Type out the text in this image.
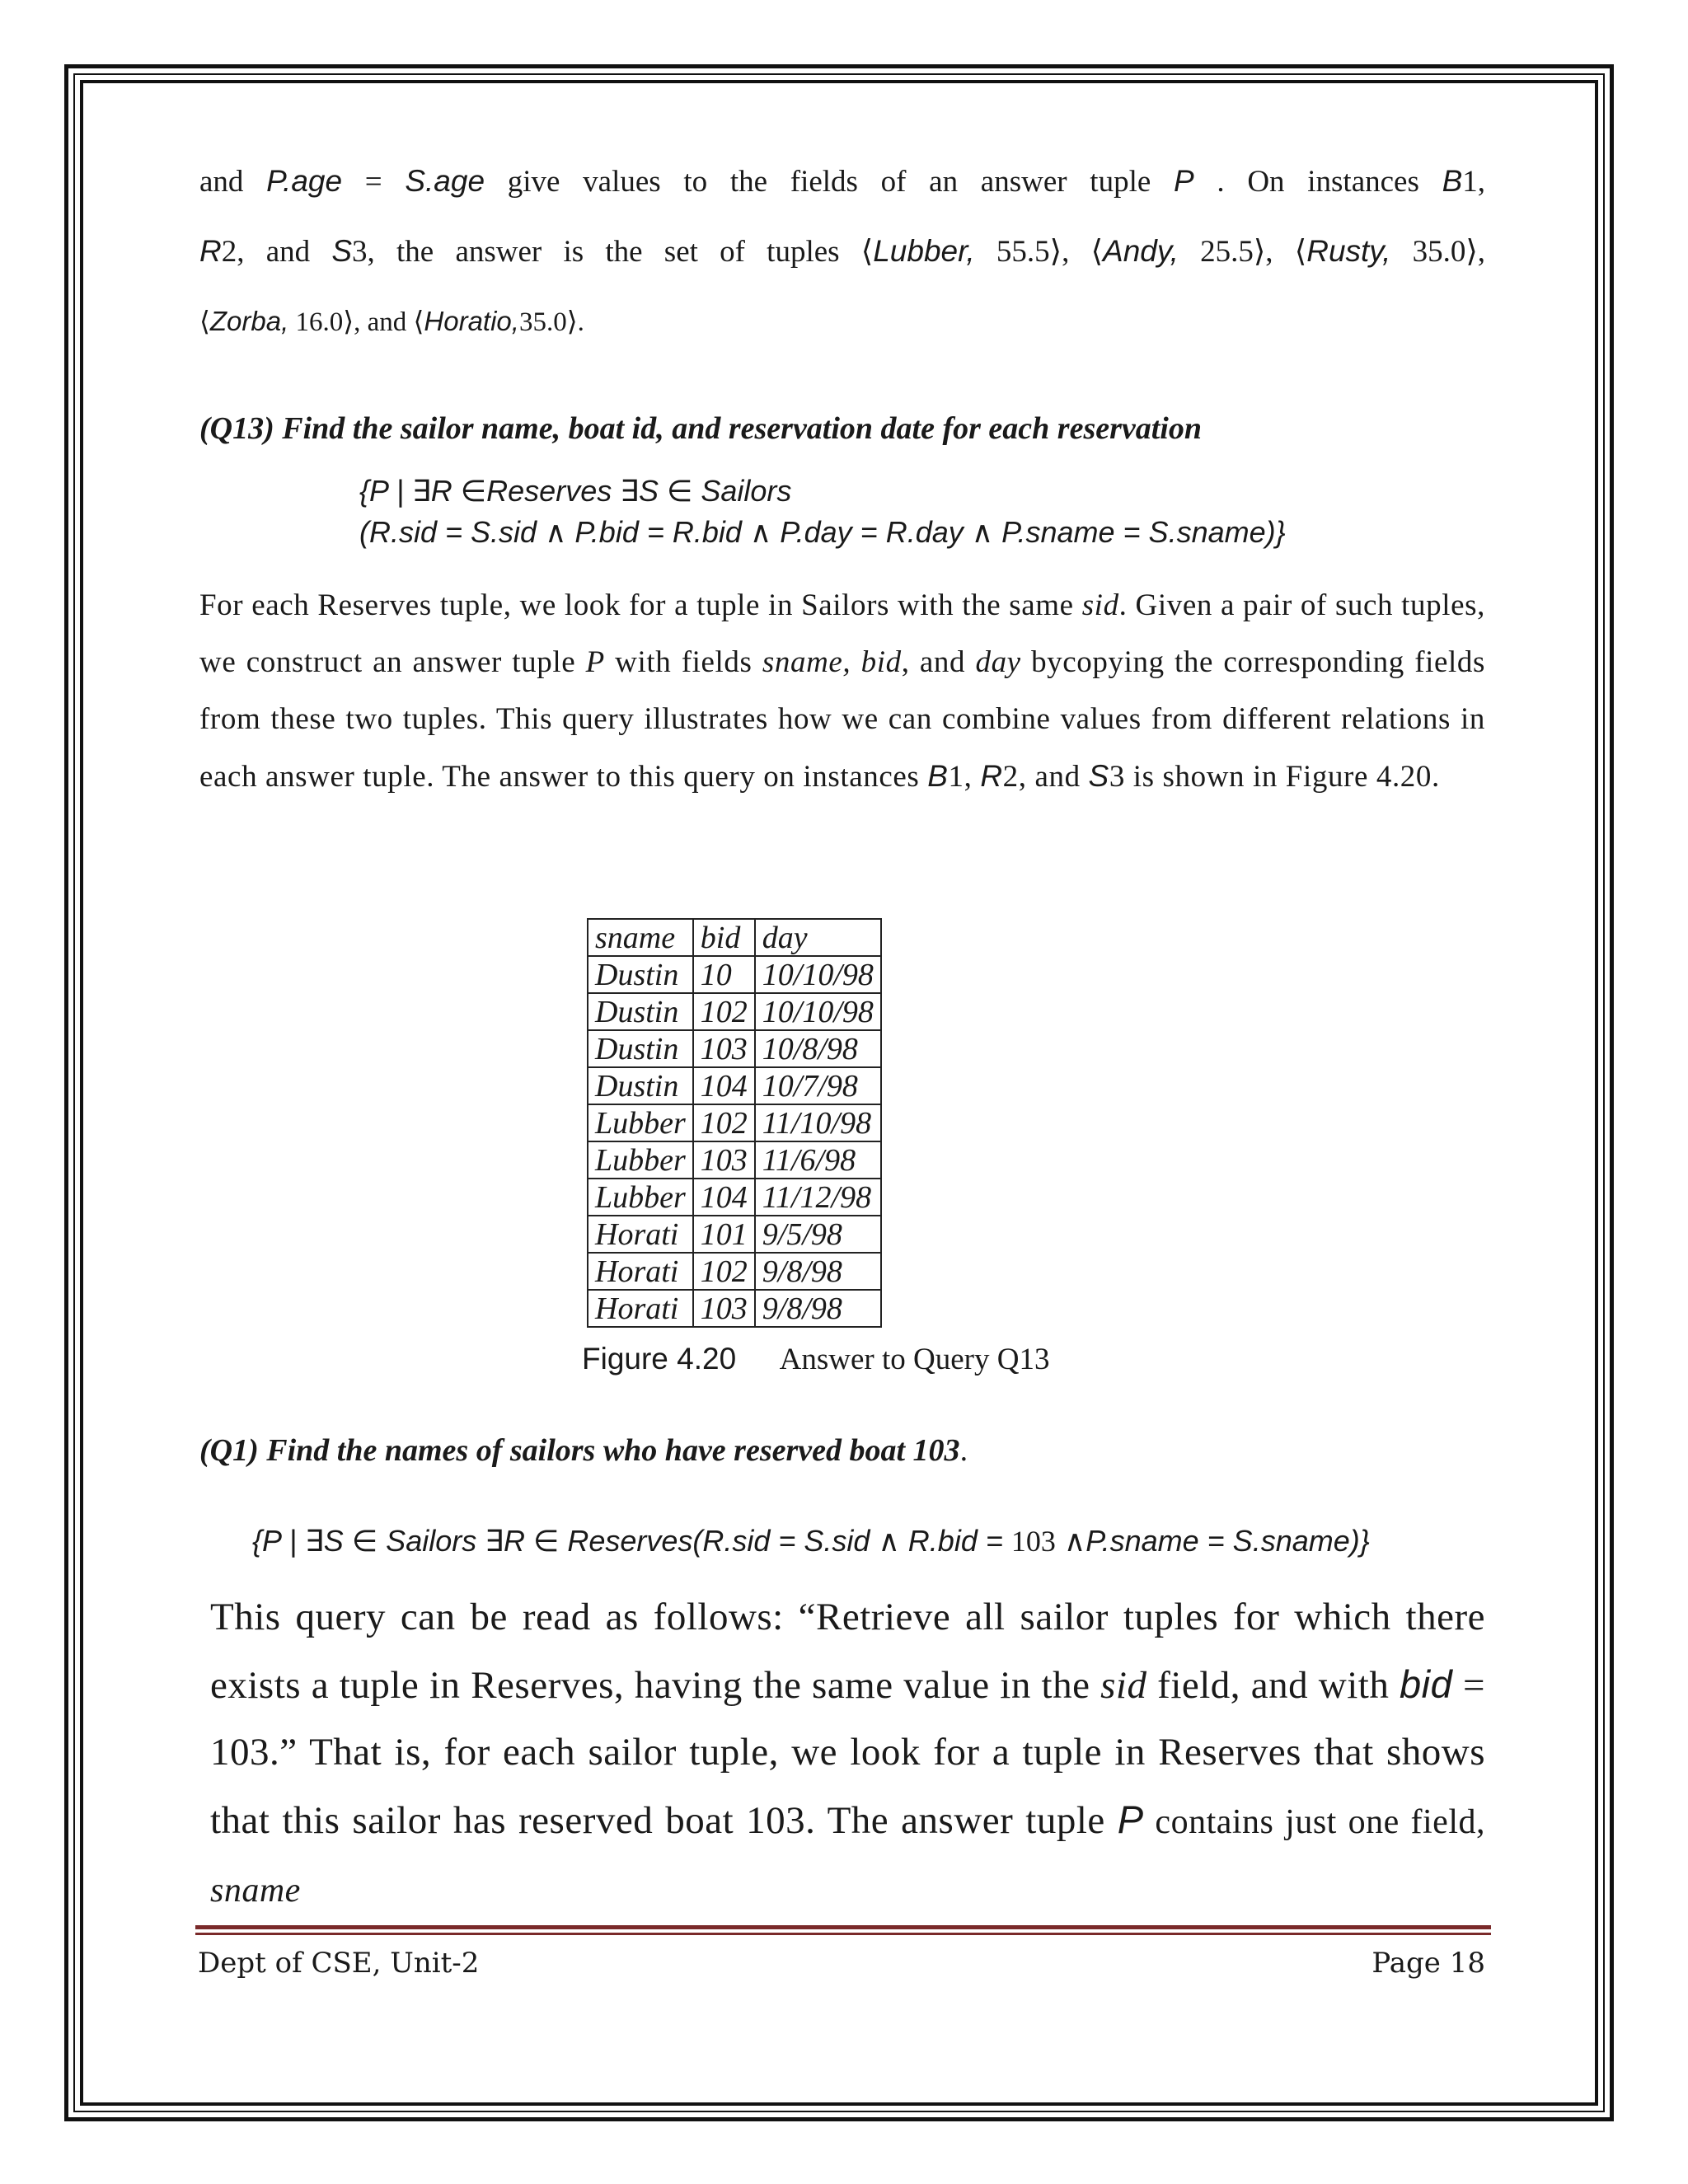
and P.age = S.age give values to the fields of an answer tuple P . On instances B1,

R2, and S3, the answer is the set of tuples ⟨Lubber, 55.5⟩, ⟨Andy, 25.5⟩, ⟨Rusty, 35.0⟩,

⟨Zorba, 16.0⟩, and ⟨Horatio,35.0⟩.

(Q13) Find the sailor name, boat id, and reservation date for each reservation

{P | ∃R ∈Reserves ∃S ∈ Sailors

(R.sid = S.sid ∧ P.bid = R.bid ∧ P.day = R.day ∧ P.sname = S.sname)}

For each Reserves tuple, we look for a tuple in Sailors with the same sid. Given a pair of such tuples, we construct an answer tuple P with fields sname, bid, and day bycopying the corresponding fields from these two tuples. This query illustrates how we can combine values from different relations in each answer tuple. The answer to this query on instances B1, R2, and S3 is shown in Figure 4.20.

sname	bid	day
Dustin	10	10/10/98
Dustin	102	10/10/98
Dustin	103	10/8/98
Dustin	104	10/7/98
Lubber	102	11/10/98
Lubber	103	11/6/98
Lubber	104	11/12/98
Horati	101	9/5/98
Horati	102	9/8/98
Horati	103	9/8/98
Figure 4.20 Answer to Query Q13

(Q1) Find the names of sailors who have reserved boat 103.

{P | ∃S ∈ Sailors ∃R ∈ Reserves(R.sid = S.sid ∧ R.bid = 103 ∧P.sname = S.sname)}

This query can be read as follows: “Retrieve all sailor tuples for which there exists a tuple in Reserves, having the same value in the sid field, and with bid = 103.” That is, for each sailor tuple, we look for a tuple in Reserves that shows that this sailor has reserved boat 103. The answer tuple P contains just one field, sname

Dept of CSE, Unit-2	Page 18
